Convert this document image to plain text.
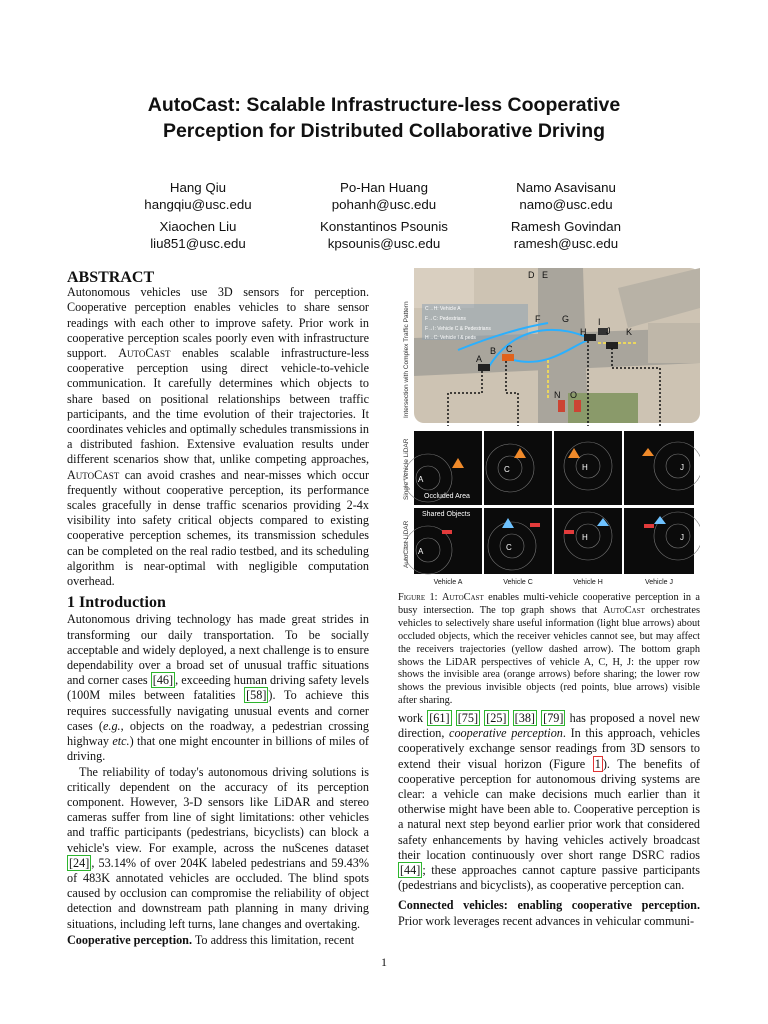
AutoCast: Scalable Infrastructure-less Cooperative
Perception for Distributed Collaborative Driving
Hang Qiu
hangqiu@usc.edu
Po-Han Huang
pohanh@usc.edu
Namo Asavisanu
namo@usc.edu
Xiaochen Liu
liu851@usc.edu
Konstantinos Psounis
kpsounis@usc.edu
Ramesh Govindan
ramesh@usc.edu
ABSTRACT

Autonomous vehicles use 3D sensors for perception. Cooperative perception enables vehicles to share sensor readings with each other to improve safety. Prior work in cooperative perception scales poorly even with infrastructure support. AutoCast enables scalable infrastructure-less cooperative perception using direct vehicle-to-vehicle communication. It carefully determines which objects to share based on positional relationships between traffic participants, and the time evolution of their trajectories. It coordinates vehicles and optimally schedules transmissions in a distributed fashion. Extensive evaluation results under different scenarios show that, unlike competing approaches, AutoCast can avoid crashes and near-misses which occur frequently without cooperative perception, its performance scales gracefully in dense traffic scenarios providing 2-4x visibility into safety critical objects compared to existing cooperative perception schemes, its transmission schedules can be completed on the real radio testbed, and its scheduling algorithm is near-optimal with negligible computation overhead.

1 Introduction

Autonomous driving technology has made great strides in transforming our daily transportation. To be socially acceptable and widely deployed, a next challenge is to ensure dependability over a broad set of unusual traffic situations and corner cases [46] , exceeding human driving safety levels (100M miles between fatalities [58] ). To achieve this requires successfully navigating unusual events and corner cases (e.g., objects on the roadway, a pedestrian crossing highway etc.) that one might encounter in billions of miles of driving.

The reliability of today's autonomous driving solutions is critically dependent on the accuracy of its perception component. However, 3-D sensors like LiDAR and stereo cameras suffer from line of sight limitations: other vehicles and traffic participants (pedestrians, bicyclists) can block a vehicle's view. For example, across the nuScenes dataset [24] , 53.14% of over 204K labeled pedestrians and 59.43% of 483K annotated vehicles are occluded. The blind spots caused by occlusion can compromise the reliability of object detection and downstream path planning in many driving situations, including left turns, lane changes and overtaking.

Cooperative perception. To address this limitation, recent

Intersection with Complex Traffic Pattern
Single Vehicle LiDAR
AutoCast LiDAR
C→H: Vehicle A
F→C: Pedestrians
F→I: Vehicle C & Pedestrians
H→C: Vehicle I & peds
D E
F G
H
I
J K
A
B C
N O
A
C	H	J
A	C
H	J
Occluded Area
Shared Objects
Vehicle A	Vehicle C	Vehicle H	Vehicle J
Figure 1: AutoCast enables multi-vehicle cooperative perception in a busy intersection. The top graph shows that AutoCast orchestrates vehicles to selectively share useful information (light blue arrows) about occluded objects, which the receiver vehicles cannot see, but may affect the receivers trajectories (yellow dashed arrow). The bottom graph shows the LiDAR perspectives of vehicle A, C, H, J: the upper row shows the invisible area (orange arrows) before sharing; the lower row shows the previous invisible objects (red points, blue arrows) visible after sharing.

work [61] [75] [25] [38] [79] has proposed a novel new direction, cooperative perception. In this approach, vehicles cooperatively exchange sensor readings from 3D sensors to extend their visual horizon (Figure 1 ). The benefits of cooperative perception for autonomous driving systems are clear: a vehicle can make decisions much earlier than it otherwise might have been able to. Cooperative perception is a natural next step beyond earlier prior work that considered safety enhancements by having vehicles actively broadcast their location continuously over short range DSRC radios [44] ; these approaches cannot capture passive participants (pedestrians and bicyclists), as cooperative perception can.

Connected vehicles: enabling cooperative perception. Prior work leverages recent advances in vehicular communi-

1
